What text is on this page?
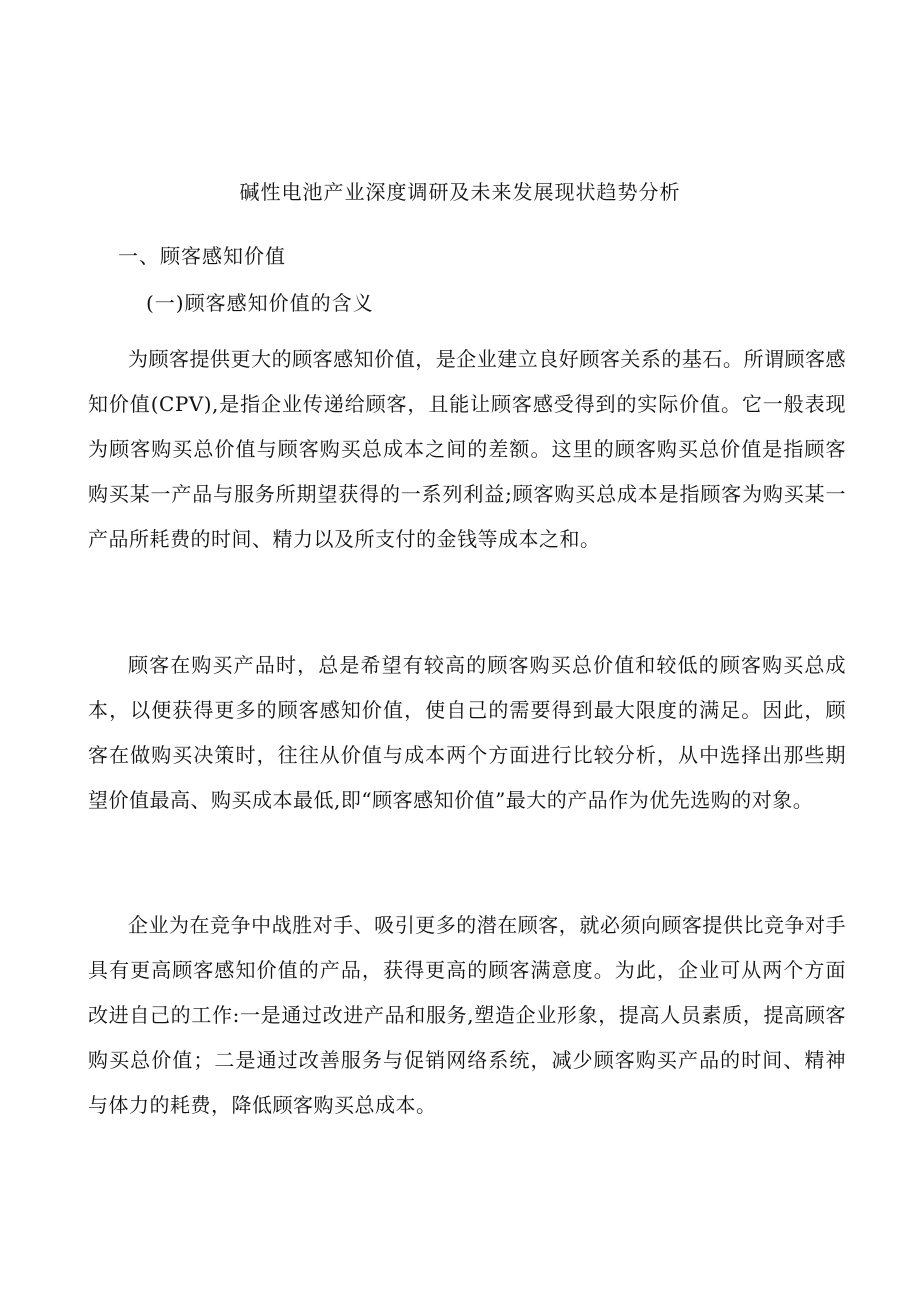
碱性电池产业深度调研及未来发展现状趋势分析
一、顾客感知价值
(一)顾客感知价值的含义

为顾客提供更大的顾客感知价值，是企业建立良好顾客关系的基石。所谓顾客感知价值(CPV),是指企业传递给顾客，且能让顾客感受得到的实际价值。它一般表现为顾客购买总价值与顾客购买总成本之间的差额。这里的顾客购买总价值是指顾客购买某一产品与服务所期望获得的一系列利益;顾客购买总成本是指顾客为购买某一产品所耗费的时间、精力以及所支付的金钱等成本之和。

顾客在购买产品时，总是希望有较高的顾客购买总价值和较低的顾客购买总成本，以便获得更多的顾客感知价值，使自己的需要得到最大限度的满足。因此，顾客在做购买决策时，往往从价值与成本两个方面进行比较分析，从中选择出那些期望价值最高、购买成本最低,即“顾客感知价值”最大的产品作为优先选购的对象。

企业为在竞争中战胜对手、吸引更多的潜在顾客，就必须向顾客提供比竞争对手具有更高顾客感知价值的产品，获得更高的顾客满意度。为此，企业可从两个方面改进自己的工作:一是通过改进产品和服务,塑造企业形象，提高人员素质，提高顾客购买总价值；二是通过改善服务与促销网络系统，减少顾客购买产品的时间、精神与体力的耗费，降低顾客购买总成本。
